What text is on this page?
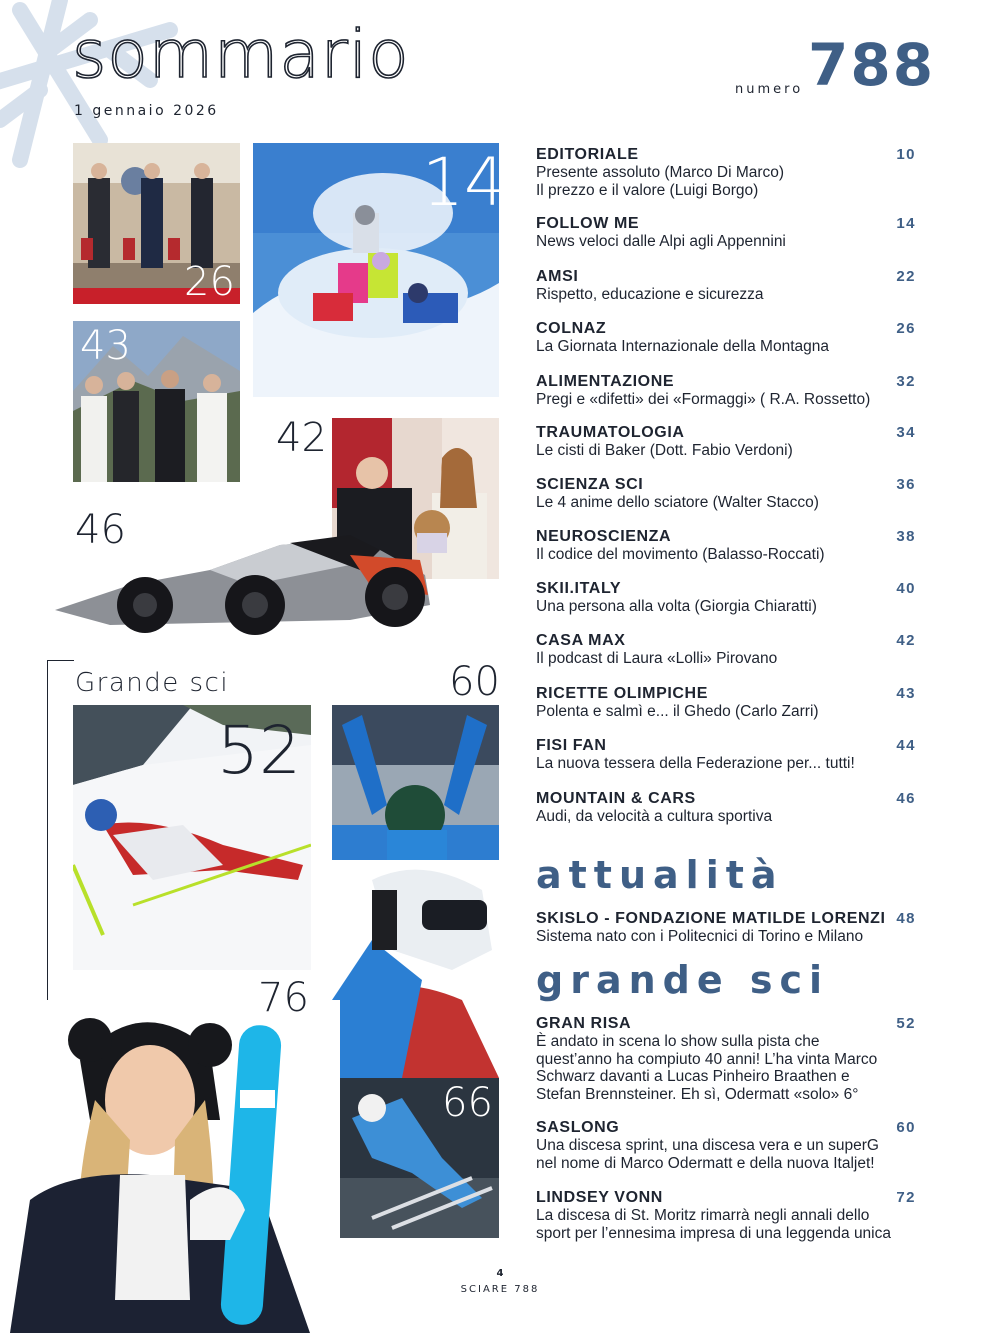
sommario
1 gennaio 2026
numero 788
26
14
43
42
46
Grande sci	60
52
66
76
EDITORIALE	10
Presente assoluto (Marco Di Marco)
Il prezzo e il valore (Luigi Borgo)
FOLLOW ME	14
News veloci dalle Alpi agli Appennini
AMSI	22
Rispetto, educazione e sicurezza
COLNAZ	26
La Giornata Internazionale della Montagna
ALIMENTAZIONE	32
Pregi e «difetti» dei «Formaggi» ( R.A. Rossetto)
TRAUMATOLOGIA	34
Le cisti di Baker (Dott. Fabio Verdoni)
SCIENZA SCI	36
Le 4 anime dello sciatore (Walter Stacco)
NEUROSCIENZA	38
Il codice del movimento (Balasso-Roccati)
SKII.ITALY	40
Una persona alla volta (Giorgia Chiaratti)
CASA MAX	42
Il podcast di Laura «Lolli» Pirovano
RICETTE OLIMPICHE	43
Polenta e salmì e... il Ghedo (Carlo Zarri)
FISI FAN	44
La nuova tessera della Federazione per... tutti!
MOUNTAIN & CARS	46
Audi, da velocità a cultura sportiva
attualità
SKISLO - FONDAZIONE MATILDE LORENZI 48
Sistema nato con i Politecnici di Torino e Milano
grande sci
GRAN RISA	52
È andato in scena lo show sulla pista che
quest’anno ha compiuto 40 anni! L’ha vinta Marco
Schwarz davanti a Lucas Pinheiro Braathen e
Stefan Brennsteiner. Eh sì, Odermatt «solo» 6°
SASLONG	60
Una discesa sprint, una discesa vera e un superG
nel nome di Marco Odermatt e della nuova Italjet!
LINDSEY VONN	72
La discesa di St. Moritz rimarrà negli annali dello
sport per l’ennesima impresa di una leggenda unica
4
SCIARE 788
